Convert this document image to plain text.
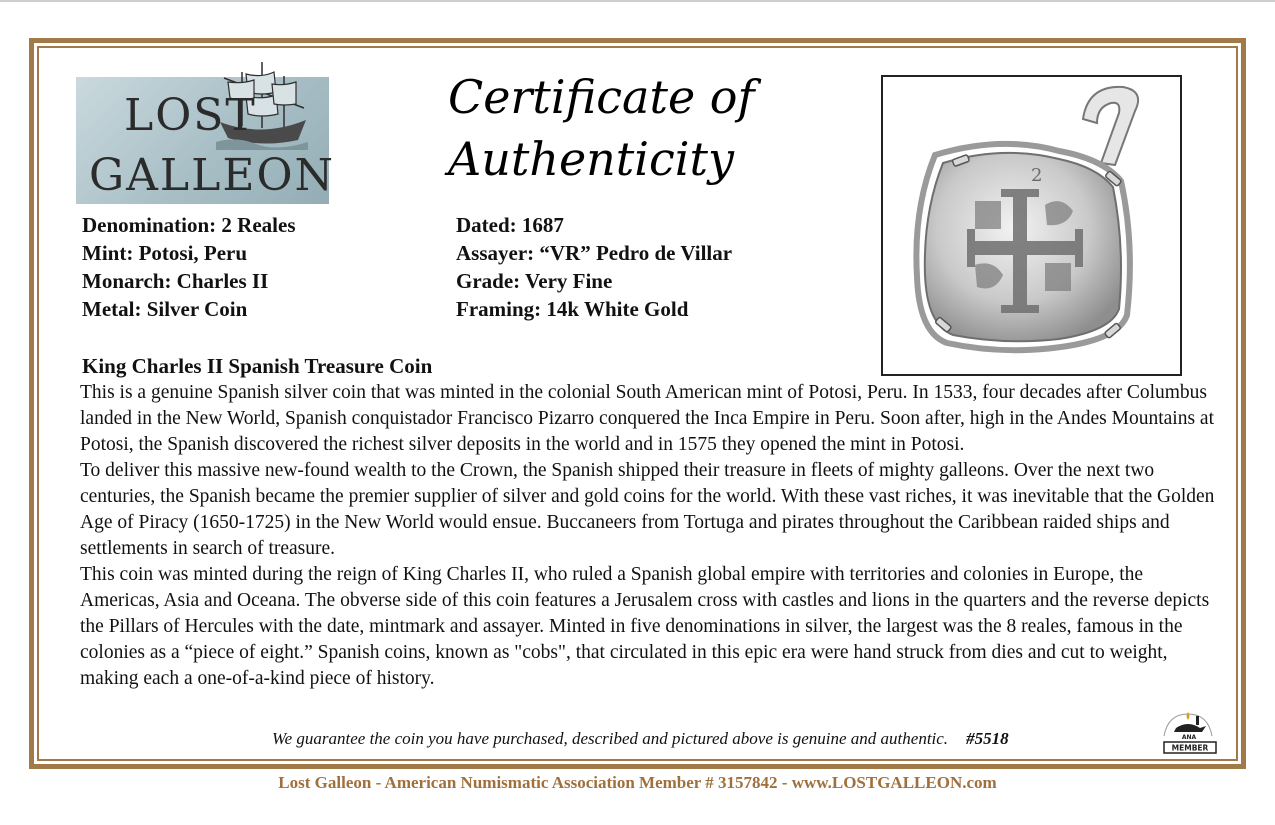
LOST
GALLEON
Certificate of
Authenticity	2
Denomination: 2 Reales
Mint: Potosi, Peru
Monarch: Charles II
Metal: Silver Coin
Dated: 1687
Assayer: “VR” Pedro de Villar
Grade: Very Fine
Framing: 14k White Gold
King Charles II Spanish Treasure Coin

This is a genuine Spanish silver coin that was minted in the colonial South American mint of Potosi, Peru. In 1533, four decades after Columbus landed in the New World, Spanish conquistador Francisco Pizarro conquered the Inca Empire in Peru. Soon after, high in the Andes Mountains at Potosi, the Spanish discovered the richest silver deposits in the world and in 1575 they opened the mint in Potosi.

To deliver this massive new-found wealth to the Crown, the Spanish shipped their treasure in fleets of mighty galleons. Over the next two centuries, the Spanish became the premier supplier of silver and gold coins for the world. With these vast riches, it was inevitable that the Golden Age of Piracy (1650-1725) in the New World would ensue. Buccaneers from Tortuga and pirates throughout the Caribbean raided ships and settlements in search of treasure.

This coin was minted during the reign of King Charles II, who ruled a Spanish global empire with territories and colonies in Europe, the Americas, Asia and Oceana. The obverse side of this coin features a Jerusalem cross with castles and lions in the quarters and the reverse depicts the Pillars of Hercules with the date, mintmark and assayer. Minted in five denominations in silver, the largest was the 8 reales, famous in the colonies as a “piece of eight.” Spanish coins, known as "cobs", that circulated in this epic era were hand struck from dies and cut to weight, making each a one-of-a-kind piece of history.

We guarantee the coin you have purchased, described and pictured above is genuine and authentic. #5518	ANA
MEMBER
Lost Galleon - American Numismatic Association Member # 3157842 - www.LOSTGALLEON.com
